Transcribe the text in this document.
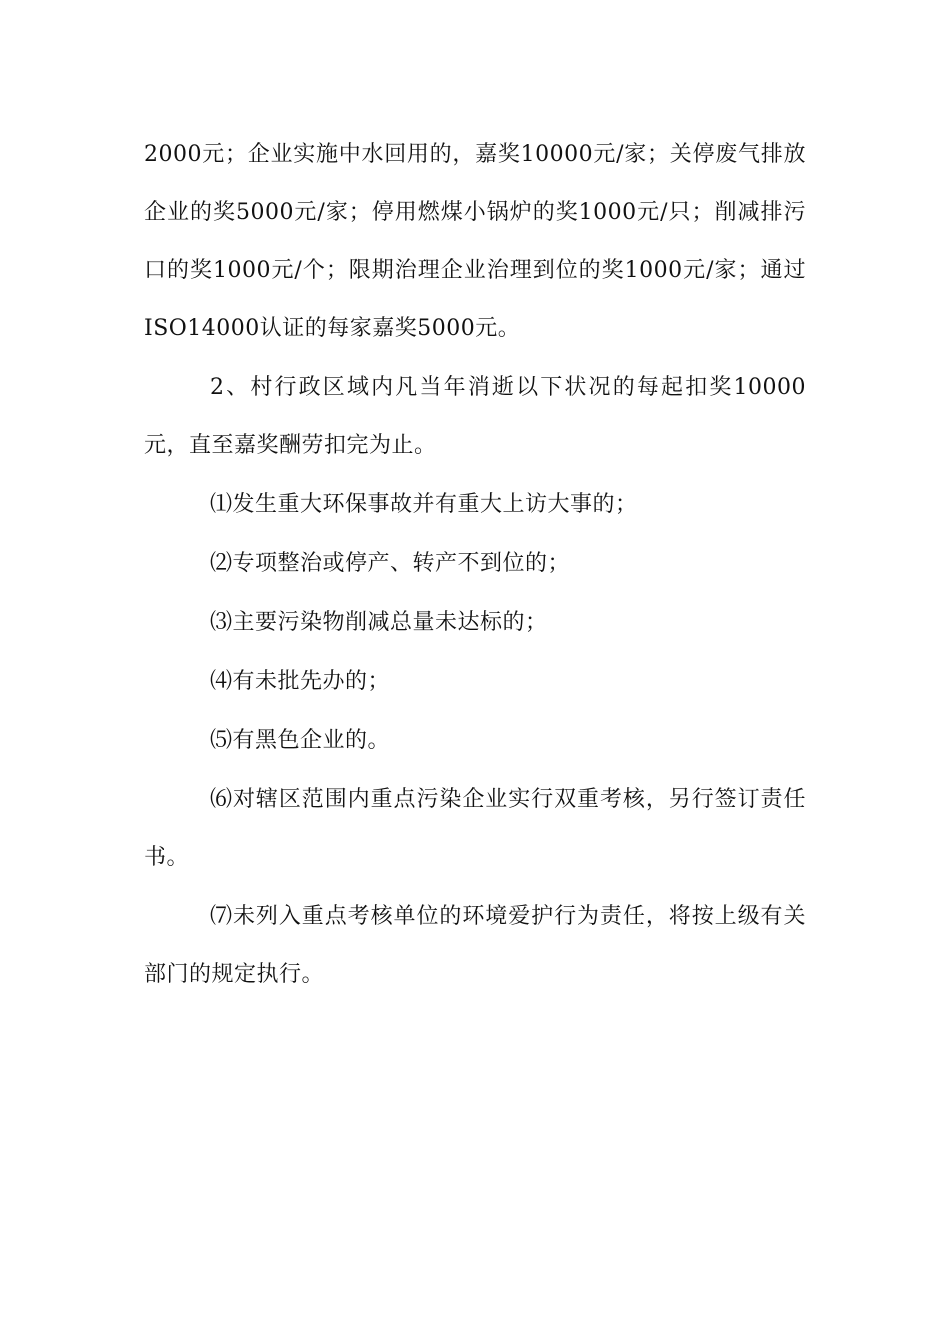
2000元；企业实施中水回用的，嘉奖10000元/家；关停废气排放企业的奖5000元/家；停用燃煤小锅炉的奖1000元/只；削减排污口的奖1000元/个；限期治理企业治理到位的奖1000元/家；通过ISO14000认证的每家嘉奖5000元。

2、村行政区域内凡当年消逝以下状况的每起扣奖10000元，直至嘉奖酬劳扣完为止。

⑴发生重大环保事故并有重大上访大事的；

⑵专项整治或停产、转产不到位的；

⑶主要污染物削减总量未达标的；

⑷有未批先办的；

⑸有黑色企业的。

⑹对辖区范围内重点污染企业实行双重考核，另行签订责任书。

⑺未列入重点考核单位的环境爱护行为责任，将按上级有关部门的规定执行。
